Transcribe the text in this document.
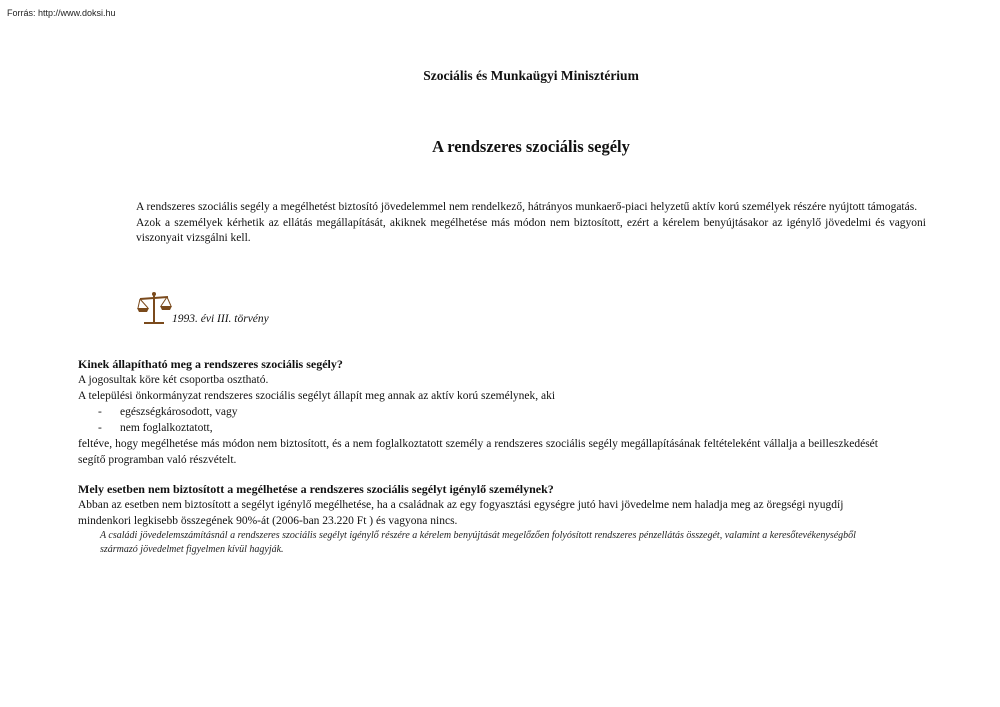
Forrás: http://www.doksi.hu
Szociális és Munkaügyi Minisztérium
A rendszeres szociális segély

A rendszeres szociális segély a megélhetést biztosító jövedelemmel nem rendelkező, hátrányos munkaerő-piaci helyzetű aktív korú személyek részére nyújtott támogatás.

Azok a személyek kérhetik az ellátás megállapítását, akiknek megélhetése más módon nem biztosított, ezért a kérelem benyújtásakor az igénylő jövedelmi és vagyoni viszonyait vizsgálni kell.

1993. évi III. törvény

Kinek állapítható meg a rendszeres szociális segély?

A jogosultak köre két csoportba osztható.

A települési önkormányzat rendszeres szociális segélyt állapít meg annak az aktív korú személynek, aki

- egészségkárosodott, vagy
- nem foglalkoztatott,

feltéve, hogy megélhetése más módon nem biztosított, és a nem foglalkoztatott személy a rendszeres szociális segély megállapításának feltételeként vállalja a beilleszkedését segítő programban való részvételt.

Mely esetben nem biztosított a megélhetése a rendszeres szociális segélyt igénylő személynek?

Abban az esetben nem biztosított a segélyt igénylő megélhetése, ha a családnak az egy fogyasztási egységre jutó havi jövedelme nem haladja meg az öregségi nyugdíj mindenkori legkisebb összegének 90%-át (2006-ban 23.220 Ft ) és vagyona nincs.

A családi jövedelemszámításnál a rendszeres szociális segélyt igénylő részére a kérelem benyújtását megelőzően folyósított rendszeres pénzellátás összegét, valamint a keresőtevékenységből származó jövedelmet figyelmen kívül hagyják.
